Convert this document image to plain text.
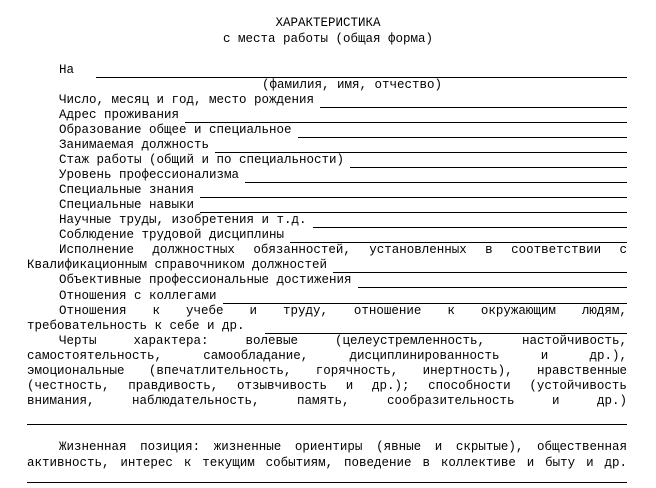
ХАРАКТЕРИСТИКА
с места работы (общая форма)
На
(фамилия, имя, отчество)
Число, месяц и год, место рождения
Адрес проживания
Образование общее и специальное
Занимаемая должность
Стаж работы (общий и по специальности)
Уровень профессионализма
Специальные знания
Специальные навыки
Научные труды, изобретения и т.д.
Соблюдение трудовой дисциплины
Исполнение должностных обязанностей, установленных в соответствии с
Квалификационным справочником должностей
Объективные профессиональные достижения
Отношения с коллегами
Отношения к учебе и труду, отношение к окружающим людям,
требовательность к себе и др.
Черты	характера:	волевые	(целеустремленность,	настойчивость,
самостоятельность,	самообладание,	дисциплинированность	и	др.),
эмоциональные (впечатлительность, горячность, инертность), нравственные
(честность, правдивость, отзывчивость и др.); способности (устойчивость
внимания,	наблюдательность,	память,	сообразительность	и	др.)
Жизненная позиция: жизненные ориентиры (явные и скрытые), общественная
активность, интерес к текущим событиям, поведение в коллективе и быту и др.
